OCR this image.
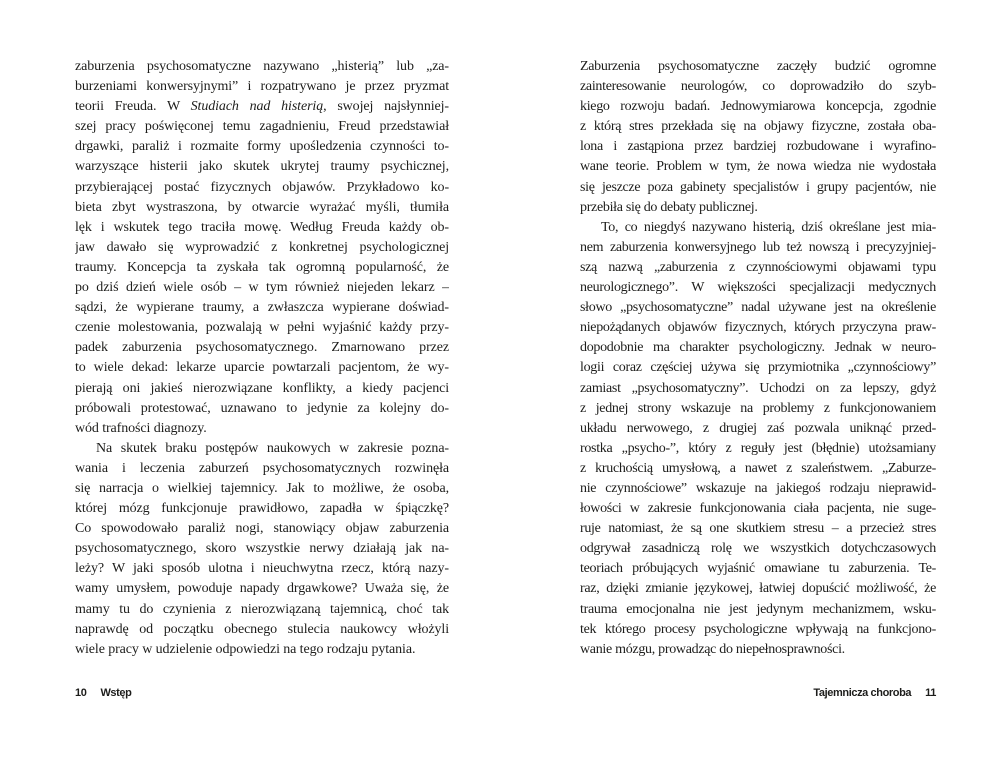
zaburzenia psychosomatyczne nazywano „histerią” lub „za-
burzeniami konwersyjnymi” i rozpatrywano je przez pryzmat
teorii Freuda. W Studiach nad histerią, swojej najsłynniej-
szej pracy poświęconej temu zagadnieniu, Freud przedstawiał
drgawki, paraliż i rozmaite formy upośledzenia czynności to-
warzyszące histerii jako skutek ukrytej traumy psychicznej,
przybierającej postać fizycznych objawów. Przykładowo ko-
bieta zbyt wystraszona, by otwarcie wyrażać myśli, tłumiła
lęk i wskutek tego traciła mowę. Według Freuda każdy ob-
jaw dawało się wyprowadzić z konkretnej psychologicznej
traumy. Koncepcja ta zyskała tak ogromną popularność, że
po dziś dzień wiele osób – w tym również niejeden lekarz –
sądzi, że wypierane traumy, a zwłaszcza wypierane doświad-
czenie molestowania, pozwalają w pełni wyjaśnić każdy przy-
padek zaburzenia psychosomatycznego. Zmarnowano przez
to wiele dekad: lekarze uparcie powtarzali pacjentom, że wy-
pierają oni jakieś nierozwiązane konflikty, a kiedy pacjenci
próbowali protestować, uznawano to jedynie za kolejny do-
wód trafności diagnozy.
Na skutek braku postępów naukowych w zakresie pozna-
wania i leczenia zaburzeń psychosomatycznych rozwinęła
się narracja o wielkiej tajemnicy. Jak to możliwe, że osoba,
której mózg funkcjonuje prawidłowo, zapadła w śpiączkę?
Co spowodowało paraliż nogi, stanowiący objaw zaburzenia
psychosomatycznego, skoro wszystkie nerwy działają jak na-
leży? W jaki sposób ulotna i nieuchwytna rzecz, którą nazy-
wamy umysłem, powoduje napady drgawkowe? Uważa się, że
mamy tu do czynienia z nierozwiązaną tajemnicą, choć tak
naprawdę od początku obecnego stulecia naukowcy włożyli
wiele pracy w udzielenie odpowiedzi na tego rodzaju pytania.
10 Wstęp
Zaburzenia psychosomatyczne zaczęły budzić ogromne
zainteresowanie neurologów, co doprowadziło do szyb-
kiego rozwoju badań. Jednowymiarowa koncepcja, zgodnie
z którą stres przekłada się na objawy fizyczne, została oba-
lona i zastąpiona przez bardziej rozbudowane i wyrafino-
wane teorie. Problem w tym, że nowa wiedza nie wydostała
się jeszcze poza gabinety specjalistów i grupy pacjentów, nie
przebiła się do debaty publicznej.
To, co niegdyś nazywano histerią, dziś określane jest mia-
nem zaburzenia konwersyjnego lub też nowszą i precyzyjniej-
szą nazwą „zaburzenia z czynnościowymi objawami typu
neurologicznego”. W większości specjalizacji medycznych
słowo „psychosomatyczne” nadal używane jest na określenie
niepożądanych objawów fizycznych, których przyczyna praw-
dopodobnie ma charakter psychologiczny. Jednak w neuro-
logii coraz częściej używa się przymiotnika „czynnościowy”
zamiast „psychosomatyczny”. Uchodzi on za lepszy, gdyż
z jednej strony wskazuje na problemy z funkcjonowaniem
układu nerwowego, z drugiej zaś pozwala uniknąć przed-
rostka „psycho-”, który z reguły jest (błędnie) utożsamiany
z kruchością umysłową, a nawet z szaleństwem. „Zaburze-
nie czynnościowe” wskazuje na jakiegoś rodzaju nieprawid-
łowości w zakresie funkcjonowania ciała pacjenta, nie suge-
ruje natomiast, że są one skutkiem stresu – a przecież stres
odgrywał zasadniczą rolę we wszystkich dotychczasowych
teoriach próbujących wyjaśnić omawiane tu zaburzenia. Te-
raz, dzięki zmianie językowej, łatwiej dopuścić możliwość, że
trauma emocjonalna nie jest jedynym mechanizmem, wsku-
tek którego procesy psychologiczne wpływają na funkcjono-
wanie mózgu, prowadząc do niepełnosprawności.
Tajemnicza choroba 11
